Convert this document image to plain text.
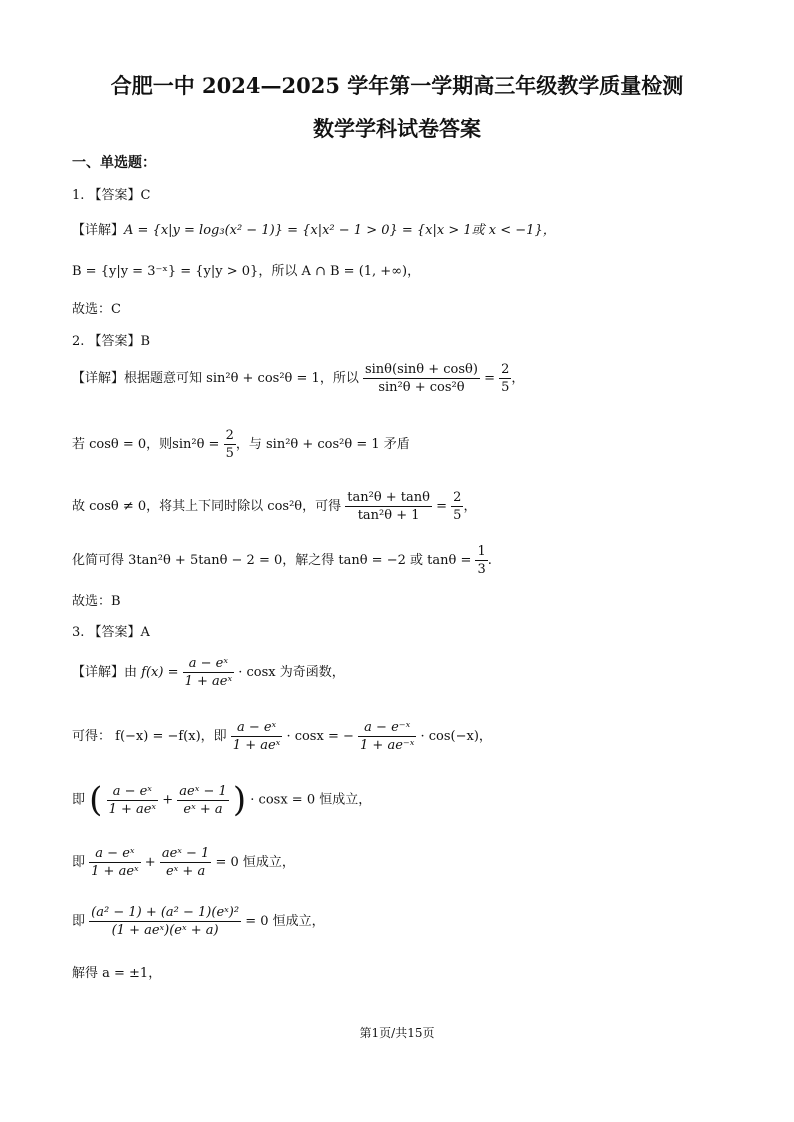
合肥一中 2024—2025 学年第一学期高三年级教学质量检测
数学学科试卷答案
一、单选题：
1. 【答案】C
【详解】A = {x|y = log₃(x² − 1)} = {x|x² − 1 > 0} = {x|x > 1或 x < −1}，
B = {y|y = 3⁻ˣ} = {y|y > 0}，所以 A ∩ B = (1, +∞)，
故选：C
2. 【答案】B
【详解】根据题意可知 sin²θ + cos²θ = 1，所以 $\frac{\sin\theta(\sin\theta + \cos\theta)}{\text{sin²θ + cos²θ}} = \frac{2}{5}$ ，
若 cosθ = 0，则$\sin^2\theta = \frac{2}{5}$ ，与 sin²θ + cos²θ = 1 矛盾
故 cosθ ≠ 0，将其上下同时除以 cos²θ，可得 $\frac{\text{tan²θ + tanθ}}{\text{tan²θ + 1}} = \frac{2}{5}$ ，
化简可得 3tan²θ + 5tanθ − 2 = 0，解之得 tanθ = −2 或 $\tan\theta = \frac{1}{3}$ .
故选：B
3. 【答案】A
【详解】由 $f(x) = \frac{\text{a − eˣ}}{\text{1 + aeˣ}} \cdot \cos x$ 为奇函数，
可得： f(−x) = −f(x)，即 $\frac{\text{a − eˣ}}{\text{1 + aeˣ}} \cdot \cos x$ = − $\frac{\text{a − e⁻ˣ}}{\text{1 + ae⁻ˣ}} \cdot \cos(-x)$，
即 ( $\frac{\text{a − eˣ}}{\text{1 + aeˣ}} + \frac{\text{aeˣ − 1}}{\text{eˣ + a}}$ ) · cosx = 0 恒成立，
即 $\frac{\text{a − eˣ}}{\text{1 + aeˣ}} + \frac{\text{aeˣ − 1}}{\text{eˣ + a}} = 0$ 恒成立，
即 $\frac{\text{(a² − 1) + (a² − 1)(eˣ)²}}{\text{(1 + aeˣ)(eˣ + a)}} = 0$ 恒成立，
解得 a = ±1，
第1页/共15页
